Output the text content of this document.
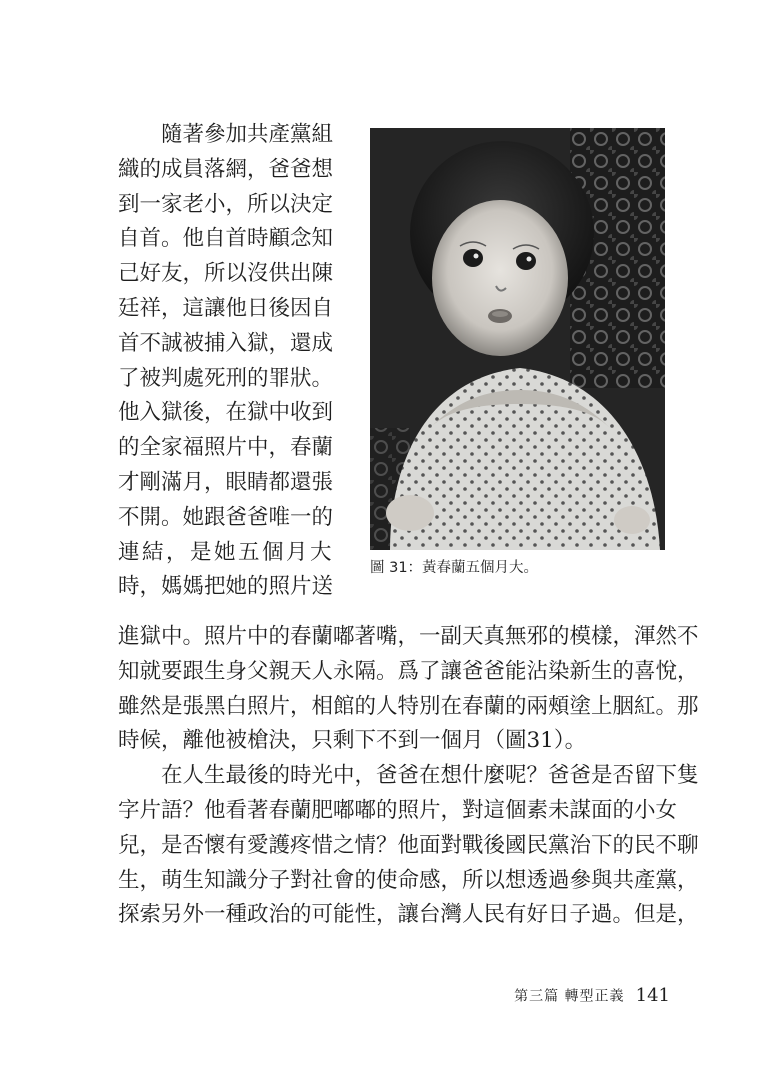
隨著參加共產黨組
織的成員落網，爸爸想
到一家老小，所以決定
自首。他自首時顧念知
己好友，所以沒供出陳
廷祥，這讓他日後因自
首不誠被捕入獄，還成
了被判處死刑的罪狀。
他入獄後，在獄中收到
的全家福照片中，春蘭
才剛滿月，眼睛都還張
不開。她跟爸爸唯一的
連結，是她五個月大
時，媽媽把她的照片送
圖 31：黃春蘭五個月大。
進獄中。照片中的春蘭嘟著嘴，一副天真無邪的模樣，渾然不
知就要跟生身父親天人永隔。爲了讓爸爸能沾染新生的喜悅，
雖然是張黑白照片，相館的人特別在春蘭的兩頰塗上胭紅。那
時候，離他被槍決，只剩下不到一個月（圖31）。
在人生最後的時光中，爸爸在想什麼呢？爸爸是否留下隻
字片語？他看著春蘭肥嘟嘟的照片，對這個素未謀面的小女
兒，是否懷有愛護疼惜之情？他面對戰後國民黨治下的民不聊
生，萌生知識分子對社會的使命感，所以想透過參與共產黨，
探索另外一種政治的可能性，讓台灣人民有好日子過。但是，
第三篇 轉型正義 141
